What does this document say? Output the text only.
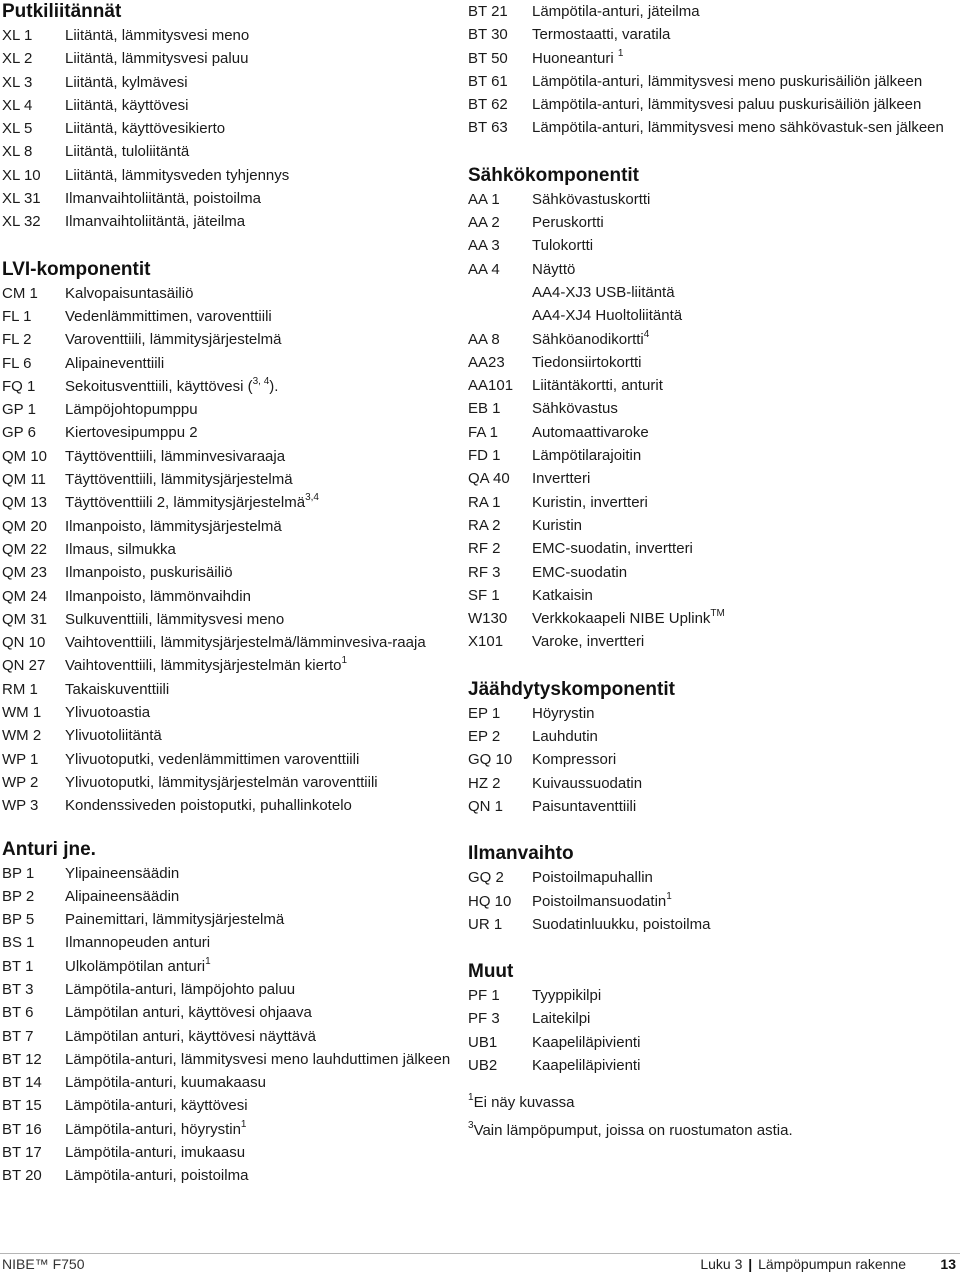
Putkiliitännät
XL 1	Liitäntä, lämmitysvesi meno
XL 2	Liitäntä, lämmitysvesi paluu
XL 3	Liitäntä, kylmävesi
XL 4	Liitäntä, käyttövesi
XL 5	Liitäntä, käyttövesikierto
XL 8	Liitäntä, tuloliitäntä
XL 10	Liitäntä, lämmitysveden tyhjennys
XL 31	Ilmanvaihtoliitäntä, poistoilma
XL 32	Ilmanvaihtoliitäntä, jäteilma
LVI-komponentit
CM 1	Kalvopaisuntasäiliö
FL 1	Vedenlämmittimen, varoventtiili
FL 2	Varoventtiili, lämmitysjärjestelmä
FL 6	Alipaineventtiili
FQ 1	Sekoitusventtiili, käyttövesi ($^{3, 4}$).
GP 1	Lämpöjohtopumppu
GP 6	Kiertovesipumppu 2
QM 10	Täyttöventtiili, lämminvesivaraaja
QM 11	Täyttöventtiili, lämmitysjärjestelmä
QM 13	Täyttöventtiili 2, lämmitysjärjestelmä$^{3,4}$
QM 20	Ilmanpoisto, lämmitysjärjestelmä
QM 22	Ilmaus, silmukka
QM 23	Ilmanpoisto, puskurisäiliö
QM 24	Ilmanpoisto, lämmönvaihdin
QM 31	Sulkuventtiili, lämmitysvesi meno
QN 10	Vaihtoventtiili, lämmitysjärjestelmä/lämminvesiva-raaja
QN 27	Vaihtoventtiili, lämmitysjärjestelmän kierto$^1$
RM 1	Takaiskuventtiili
WM 1	Ylivuotoastia
WM 2	Ylivuotoliitäntä
WP 1	Ylivuotoputki, vedenlämmittimen varoventtiili
WP 2	Ylivuotoputki, lämmitysjärjestelmän varoventtiili
WP 3	Kondenssiveden poistoputki, puhallinkotelo
Anturi jne.
BP 1	Ylipaineensäädin
BP 2	Alipaineensäädin
BP 5	Painemittari, lämmitysjärjestelmä
BS 1	Ilmannopeuden anturi
BT 1	Ulkolämpötilan anturi$^1$
BT 3	Lämpötila-anturi, lämpöjohto paluu
BT 6	Lämpötilan anturi, käyttövesi ohjaava
BT 7	Lämpötilan anturi, käyttövesi näyttävä
BT 12	Lämpötila-anturi, lämmitysvesi meno lauhduttimen jälkeen
BT 14	Lämpötila-anturi, kuumakaasu
BT 15	Lämpötila-anturi, käyttövesi
BT 16	Lämpötila-anturi, höyrystin$^1$
BT 17	Lämpötila-anturi, imukaasu
BT 20	Lämpötila-anturi, poistoilma
BT 21	Lämpötila-anturi, jäteilma
BT 30	Termostaatti, varatila
BT 50	Huoneanturi $^1$
BT 61	Lämpötila-anturi, lämmitysvesi meno puskurisäiliön jälkeen
BT 62	Lämpötila-anturi, lämmitysvesi paluu puskurisäiliön jälkeen
BT 63	Lämpötila-anturi, lämmitysvesi meno sähkövastuk-sen jälkeen
Sähkökomponentit
AA 1	Sähkövastuskortti
AA 2	Peruskortti
AA 3	Tulokortti
AA 4	Näyttö
AA4-XJ3 USB-liitäntä
AA4-XJ4 Huoltoliitäntä
AA 8	Sähköanodikortti$^4$
AA23	Tiedonsiirtokortti
AA101	Liitäntäkortti, anturit
EB 1	Sähkövastus
FA 1	Automaattivaroke
FD 1	Lämpötilarajoitin
QA 40	Invertteri
RA 1	Kuristin, invertteri
RA 2	Kuristin
RF 2	EMC-suodatin, invertteri
RF 3	EMC-suodatin
SF 1	Katkaisin
W130	Verkkokaapeli NIBE Uplink™
X101	Varoke, invertteri
Jäähdytyskomponentit
EP 1	Höyrystin
EP 2	Lauhdutin
GQ 10	Kompressori
HZ 2	Kuivaussuodatin
QN 1	Paisuntaventtiili
Ilmanvaihto
GQ 2	Poistoilmapuhallin
HQ 10	Poistoilmansuodatin$^1$
UR 1	Suodatinluukku, poistoilma
Muut
PF 1	Tyyppikilpi
PF 3	Laitekilpi
UB1	Kaapeliläpivienti
UB2	Kaapeliläpivienti
$^1$Ei näy kuvassa
$^3$Vain lämpöpumput, joissa on ruostumaton astia.
NIBE™ F750	Luku 3 | Lämpöpumpun rakenne 13
